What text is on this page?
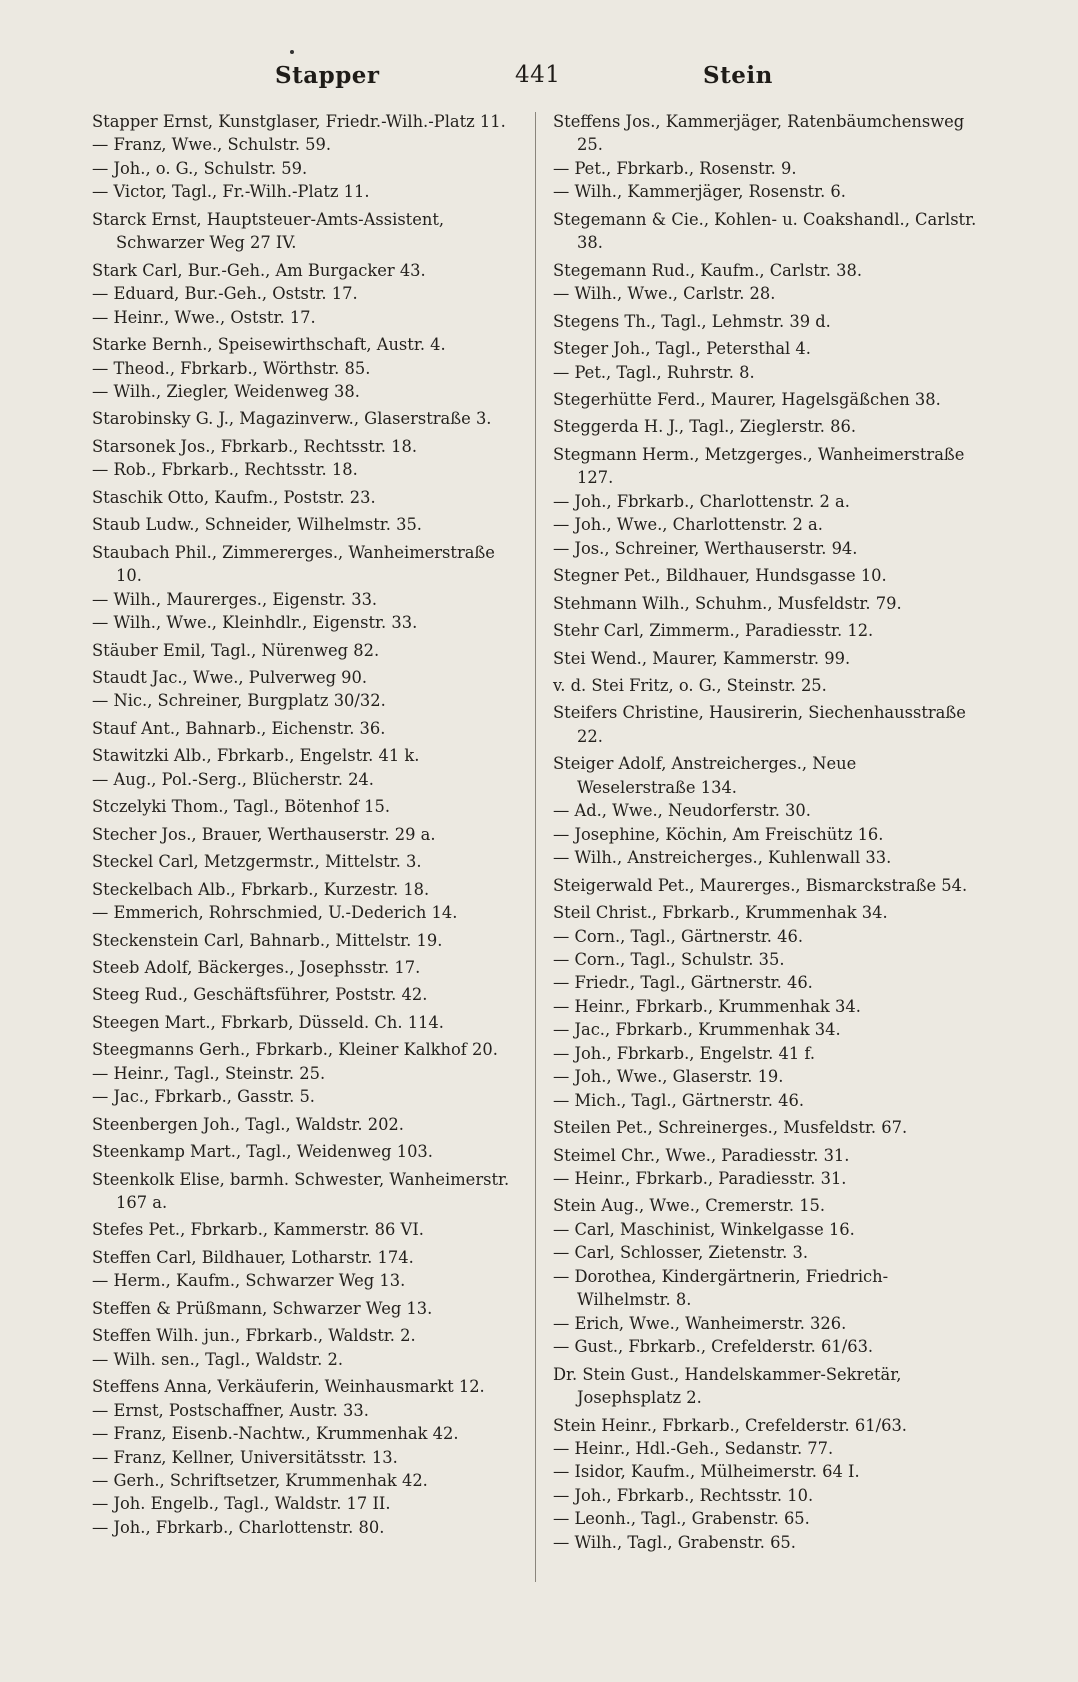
Stapper	441	Stein

Stapper Ernst, Kunstglaser, Friedr.-Wilh.-Platz 11.

— Franz, Wwe., Schulstr. 59.

— Joh., o. G., Schulstr. 59.

— Victor, Tagl., Fr.-Wilh.-Platz 11.

Starck Ernst, Hauptsteuer-Amts-Assistent, Schwarzer Weg 27 IV.

Stark Carl, Bur.-Geh., Am Burgacker 43.

— Eduard, Bur.-Geh., Oststr. 17.

— Heinr., Wwe., Oststr. 17.

Starke Bernh., Speisewirthschaft, Austr. 4.

— Theod., Fbrkarb., Wörthstr. 85.

— Wilh., Ziegler, Weidenweg 38.

Starobinsky G. J., Magazinverw., Glaserstraße 3.

Starsonek Jos., Fbrkarb., Rechtsstr. 18.

— Rob., Fbrkarb., Rechtsstr. 18.

Staschik Otto, Kaufm., Poststr. 23.

Staub Ludw., Schneider, Wilhelmstr. 35.

Staubach Phil., Zimmererges., Wanheimerstraße 10.

— Wilh., Maurerges., Eigenstr. 33.

— Wilh., Wwe., Kleinhdlr., Eigenstr. 33.

Stäuber Emil, Tagl., Nürenweg 82.

Staudt Jac., Wwe., Pulverweg 90.

— Nic., Schreiner, Burgplatz 30/32.

Stauf Ant., Bahnarb., Eichenstr. 36.

Stawitzki Alb., Fbrkarb., Engelstr. 41 k.

— Aug., Pol.-Serg., Blücherstr. 24.

Stczelyki Thom., Tagl., Bötenhof 15.

Stecher Jos., Brauer, Werthauserstr. 29 a.

Steckel Carl, Metzgermstr., Mittelstr. 3.

Steckelbach Alb., Fbrkarb., Kurzestr. 18.

— Emmerich, Rohrschmied, U.-Dederich 14.

Steckenstein Carl, Bahnarb., Mittelstr. 19.

Steeb Adolf, Bäckerges., Josephsstr. 17.

Steeg Rud., Geschäftsführer, Poststr. 42.

Steegen Mart., Fbrkarb, Düsseld. Ch. 114.

Steegmanns Gerh., Fbrkarb., Kleiner Kalkhof 20.

— Heinr., Tagl., Steinstr. 25.

— Jac., Fbrkarb., Gasstr. 5.

Steenbergen Joh., Tagl., Waldstr. 202.

Steenkamp Mart., Tagl., Weidenweg 103.

Steenkolk Elise, barmh. Schwester, Wanheimerstr. 167 a.

Stefes Pet., Fbrkarb., Kammerstr. 86 VI.

Steffen Carl, Bildhauer, Lotharstr. 174.

— Herm., Kaufm., Schwarzer Weg 13.

Steffen & Prüßmann, Schwarzer Weg 13.

Steffen Wilh. jun., Fbrkarb., Waldstr. 2.

— Wilh. sen., Tagl., Waldstr. 2.

Steffens Anna, Verkäuferin, Weinhausmarkt 12.

— Ernst, Postschaffner, Austr. 33.

— Franz, Eisenb.-Nachtw., Krummenhak 42.

— Franz, Kellner, Universitätsstr. 13.

— Gerh., Schriftsetzer, Krummenhak 42.

— Joh. Engelb., Tagl., Waldstr. 17 II.

— Joh., Fbrkarb., Charlottenstr. 80.

Steffens Jos., Kammerjäger, Ratenbäumchensweg 25.

— Pet., Fbrkarb., Rosenstr. 9.

— Wilh., Kammerjäger, Rosenstr. 6.

Stegemann & Cie., Kohlen- u. Coakshandl., Carlstr. 38.

Stegemann Rud., Kaufm., Carlstr. 38.

— Wilh., Wwe., Carlstr. 28.

Stegens Th., Tagl., Lehmstr. 39 d.

Steger Joh., Tagl., Petersthal 4.

— Pet., Tagl., Ruhrstr. 8.

Stegerhütte Ferd., Maurer, Hagelsgäßchen 38.

Steggerda H. J., Tagl., Zieglerstr. 86.

Stegmann Herm., Metzgerges., Wanheimerstraße 127.

— Joh., Fbrkarb., Charlottenstr. 2 a.

— Joh., Wwe., Charlottenstr. 2 a.

— Jos., Schreiner, Werthauserstr. 94.

Stegner Pet., Bildhauer, Hundsgasse 10.

Stehmann Wilh., Schuhm., Musfeldstr. 79.

Stehr Carl, Zimmerm., Paradiesstr. 12.

Stei Wend., Maurer, Kammerstr. 99.

v. d. Stei Fritz, o. G., Steinstr. 25.

Steifers Christine, Hausirerin, Siechenhausstraße 22.

Steiger Adolf, Anstreicherges., Neue Weselerstraße 134.

— Ad., Wwe., Neudorferstr. 30.

— Josephine, Köchin, Am Freischütz 16.

— Wilh., Anstreicherges., Kuhlenwall 33.

Steigerwald Pet., Maurerges., Bismarckstraße 54.

Steil Christ., Fbrkarb., Krummenhak 34.

— Corn., Tagl., Gärtnerstr. 46.

— Corn., Tagl., Schulstr. 35.

— Friedr., Tagl., Gärtnerstr. 46.

— Heinr., Fbrkarb., Krummenhak 34.

— Jac., Fbrkarb., Krummenhak 34.

— Joh., Fbrkarb., Engelstr. 41 f.

— Joh., Wwe., Glaserstr. 19.

— Mich., Tagl., Gärtnerstr. 46.

Steilen Pet., Schreinerges., Musfeldstr. 67.

Steimel Chr., Wwe., Paradiesstr. 31.

— Heinr., Fbrkarb., Paradiesstr. 31.

Stein Aug., Wwe., Cremerstr. 15.

— Carl, Maschinist, Winkelgasse 16.

— Carl, Schlosser, Zietenstr. 3.

— Dorothea, Kindergärtnerin, Friedrich-Wilhelmstr. 8.

— Erich, Wwe., Wanheimerstr. 326.

— Gust., Fbrkarb., Crefelderstr. 61/63.

Dr. Stein Gust., Handelskammer-Sekretär, Josephsplatz 2.

Stein Heinr., Fbrkarb., Crefelderstr. 61/63.

— Heinr., Hdl.-Geh., Sedanstr. 77.

— Isidor, Kaufm., Mülheimerstr. 64 I.

— Joh., Fbrkarb., Rechtsstr. 10.

— Leonh., Tagl., Grabenstr. 65.

— Wilh., Tagl., Grabenstr. 65.
